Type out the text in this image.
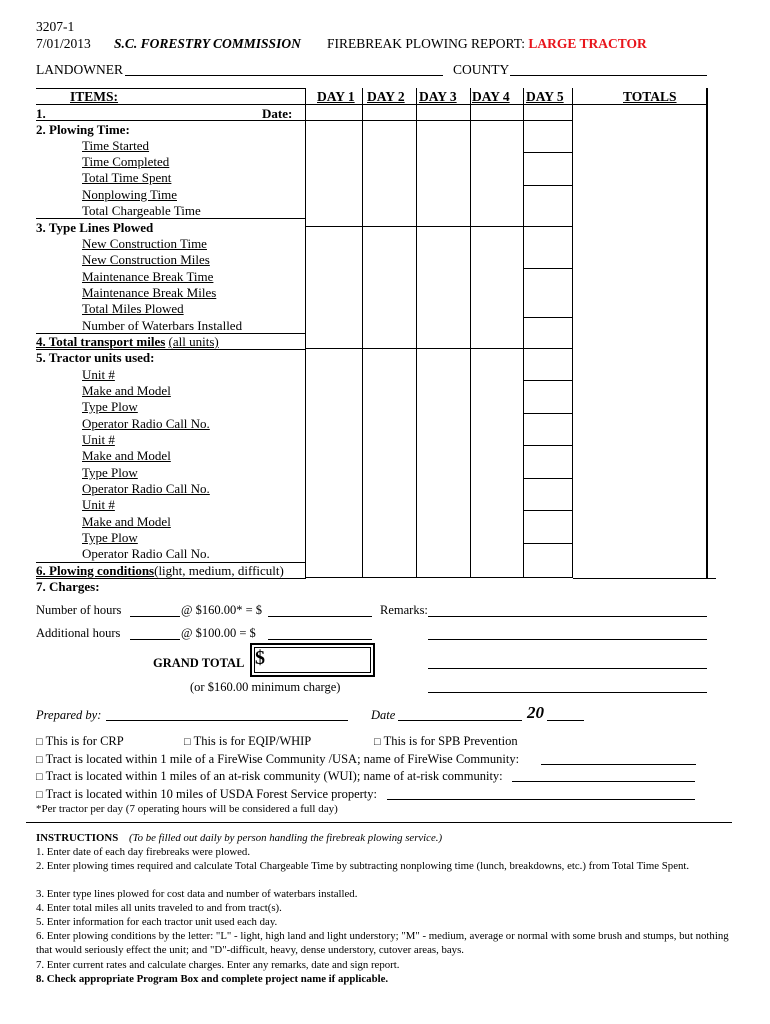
3207-1
7/01/2013 S.C. FORESTRY COMMISSION FIREBREAK PLOWING REPORT: LARGE TRACTOR
LANDOWNER	COUNTY
ITEMS:	DAY 1 DAY 2 DAY 3 DAY 4 DAY 5	TOTALS
1.	Date:
2. Plowing Time:
Time Started
Time Completed
Total Time Spent
Nonplowing Time
Total Chargeable Time
3. Type Lines Plowed
New Construction Time
New Construction Miles
Maintenance Break Time
Maintenance Break Miles
Total Miles Plowed
Number of Waterbars Installed
4. Total transport miles (all units)
5. Tractor units used:
Unit #
Make and Model
Type Plow
Operator Radio Call No.
Unit #
Make and Model
Type Plow
Operator Radio Call No.
Unit #
Make and Model
Type Plow
Operator Radio Call No.
6. Plowing conditions(light, medium, difficult)
7. Charges:
Number of hours	@ $160.00* = $	Remarks:
Additional hours	@ $100.00 = $
GRAND TOTAL $
(or $160.00 minimum charge)
Prepared by:	Date	20
□ This is for CRP	□ This is for EQIP/WHIP	□ This is for SPB Prevention
□ Tract is located within 1 mile of a FireWise Community /USA; name of FireWise Community:
□ Tract is located within 1 miles of an at-risk community (WUI); name of at-risk community:
□ Tract is located within 10 miles of USDA Forest Service property:
*Per tractor per day (7 operating hours will be considered a full day)
INSTRUCTIONS (To be filled out daily by person handling the firebreak plowing service.)
1. Enter date of each day firebreaks were plowed.
2. Enter plowing times required and calculate Total Chargeable Time by subtracting nonplowing time (lunch, breakdowns, etc.) from Total Time Spent.
3. Enter type lines plowed for cost data and number of waterbars installed.
4. Enter total miles all units traveled to and from tract(s).
5. Enter information for each tractor unit used each day.
6. Enter plowing conditions by the letter: "L" - light, high land and light understory; "M" - medium, average or normal with some brush and stumps, but nothing that would seriously effect the unit; and "D"-difficult, heavy, dense understory, cutover areas, bays.
7. Enter current rates and calculate charges. Enter any remarks, date and sign report.
8. Check appropriate Program Box and complete project name if applicable.
